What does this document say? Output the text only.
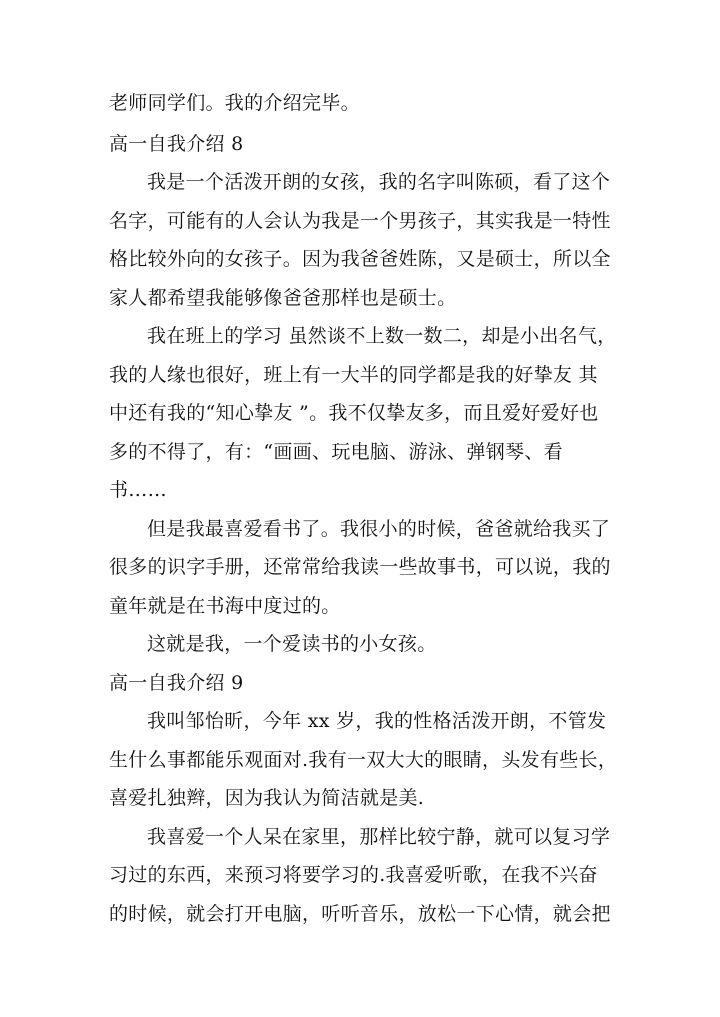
老师同学们。我的介绍完毕。
高一自我介绍 8
我是一个活泼开朗的女孩，我的名字叫陈硕，看了这个
名字，可能有的人会认为我是一个男孩子，其实我是一特性
格比较外向的女孩子。因为我爸爸姓陈，又是硕士，所以全
家人都希望我能够像爸爸那样也是硕士。
我在班上的学习 虽然谈不上数一数二，却是小出名气，
我的人缘也很好，班上有一大半的同学都是我的好挚友 其
中还有我的“知心挚友 ”。我不仅挚友多，而且爱好爱好也
多的不得了，有：“画画、玩电脑、游泳、弹钢琴、看
书……
但是我最喜爱看书了。我很小的时候，爸爸就给我买了
很多的识字手册，还常常给我读一些故事书，可以说，我的
童年就是在书海中度过的。
这就是我，一个爱读书的小女孩。
高一自我介绍 9
我叫邹怡昕，今年 xx 岁，我的性格活泼开朗，不管发
生什么事都能乐观面对.我有一双大大的眼睛，头发有些长，
喜爱扎独辫，因为我认为简洁就是美.
我喜爱一个人呆在家里，那样比较宁静，就可以复习学
习过的东西，来预习将要学习的.我喜爱听歌，在我不兴奋
的时候，就会打开电脑，听听音乐，放松一下心情，就会把
